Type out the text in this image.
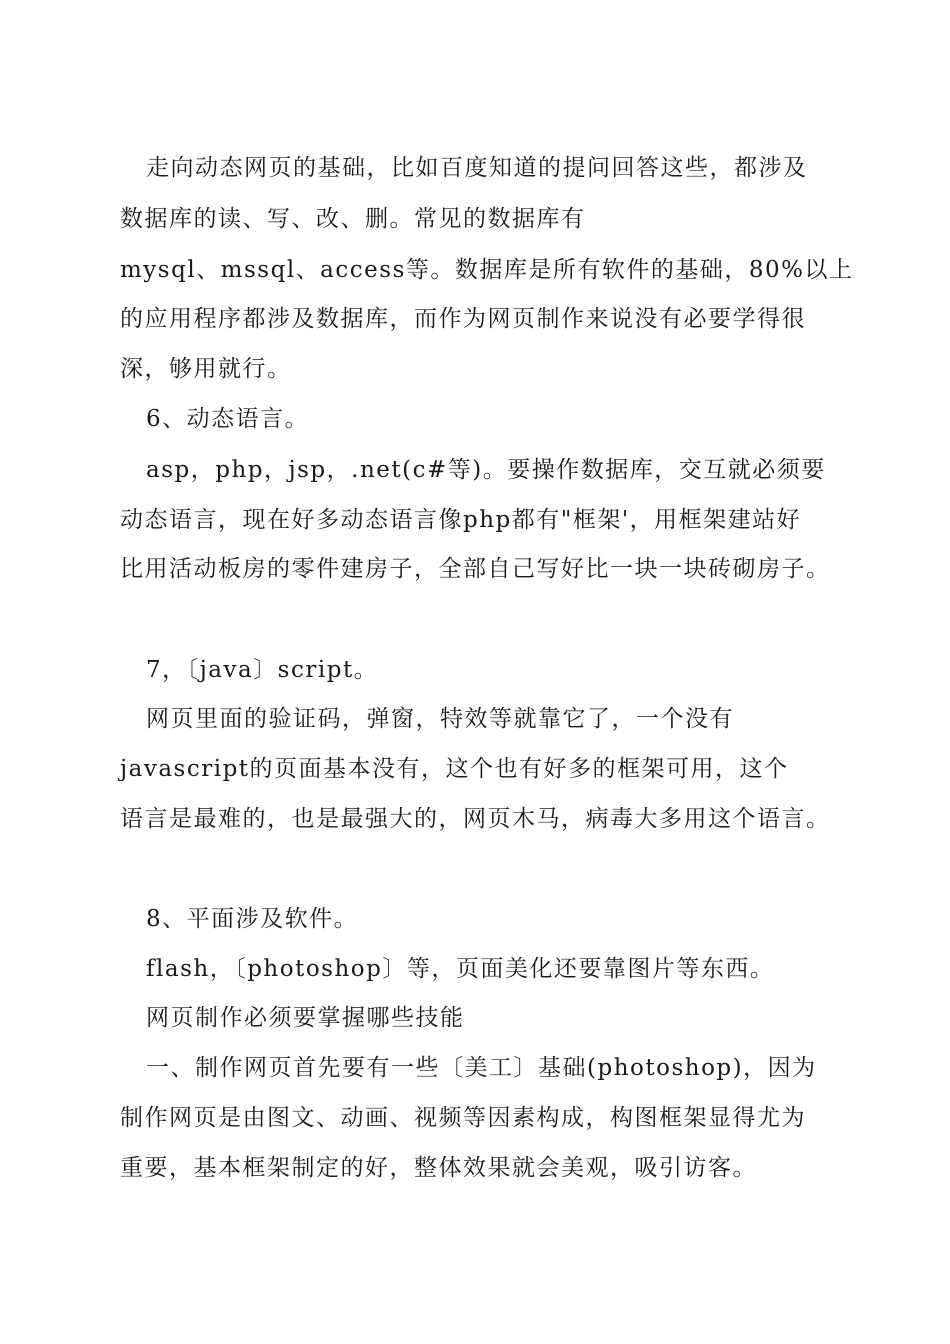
走向动态网页的基础，比如百度知道的提问回答这些，都涉及
数据库的读、写、改、删。常见的数据库有
mysql、mssql、access等。数据库是所有软件的基础，80%以上
的应用程序都涉及数据库，而作为网页制作来说没有必要学得很
深，够用就行。
6、动态语言。
asp，php，jsp，.net(c#等)。要操作数据库，交互就必须要
动态语言，现在好多动态语言像php都有"框架'，用框架建站好
比用活动板房的零件建房子，全部自己写好比一块一块砖砌房子。
7，〔java〕script。
网页里面的验证码，弹窗，特效等就靠它了，一个没有
javascript的页面基本没有，这个也有好多的框架可用，这个
语言是最难的，也是最强大的，网页木马，病毒大多用这个语言。
8、平面涉及软件。
flash，〔photoshop〕等，页面美化还要靠图片等东西。
网页制作必须要掌握哪些技能
一、制作网页首先要有一些〔美工〕基础(photoshop)，因为
制作网页是由图文、动画、视频等因素构成，构图框架显得尤为
重要，基本框架制定的好，整体效果就会美观，吸引访客。
